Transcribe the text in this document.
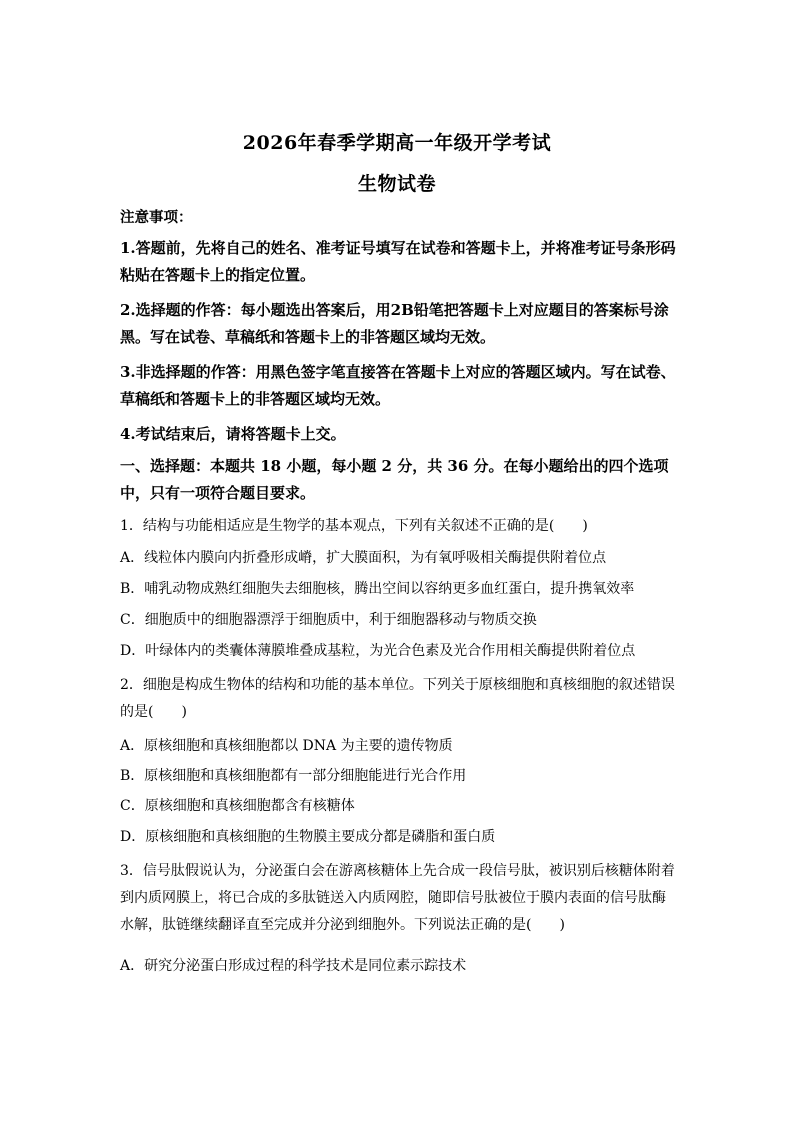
2026年春季学期高一年级开学考试
生物试卷
注意事项：
1.答题前，先将自己的姓名、准考证号填写在试卷和答题卡上，并将准考证号条形码粘贴在答题卡上的指定位置。
2.选择题的作答：每小题选出答案后，用2B铅笔把答题卡上对应题目的答案标号涂黑。写在试卷、草稿纸和答题卡上的非答题区域均无效。
3.非选择题的作答：用黑色签字笔直接答在答题卡上对应的答题区域内。写在试卷、草稿纸和答题卡上的非答题区域均无效。
4.考试结束后，请将答题卡上交。
一、选择题：本题共 18 小题，每小题 2 分，共 36 分。在每小题给出的四个选项中，只有一项符合题目要求。
1．结构与功能相适应是生物学的基本观点，下列有关叙述不正确的是(　　)
A．线粒体内膜向内折叠形成嵴，扩大膜面积，为有氧呼吸相关酶提供附着位点
B．哺乳动物成熟红细胞失去细胞核，腾出空间以容纳更多血红蛋白，提升携氧效率
C．细胞质中的细胞器漂浮于细胞质中，利于细胞器移动与物质交换
D．叶绿体内的类囊体薄膜堆叠成基粒，为光合色素及光合作用相关酶提供附着位点
2．细胞是构成生物体的结构和功能的基本单位。下列关于原核细胞和真核细胞的叙述错误的是(　　)
A．原核细胞和真核细胞都以 DNA 为主要的遗传物质
B．原核细胞和真核细胞都有一部分细胞能进行光合作用
C．原核细胞和真核细胞都含有核糖体
D．原核细胞和真核细胞的生物膜主要成分都是磷脂和蛋白质
3．信号肽假说认为，分泌蛋白会在游离核糖体上先合成一段信号肽，被识别后核糖体附着到内质网膜上，将已合成的多肽链送入内质网腔，随即信号肽被位于膜内表面的信号肽酶水解，肽链继续翻译直至完成并分泌到细胞外。下列说法正确的是(　　)
A．研究分泌蛋白形成过程的科学技术是同位素示踪技术
